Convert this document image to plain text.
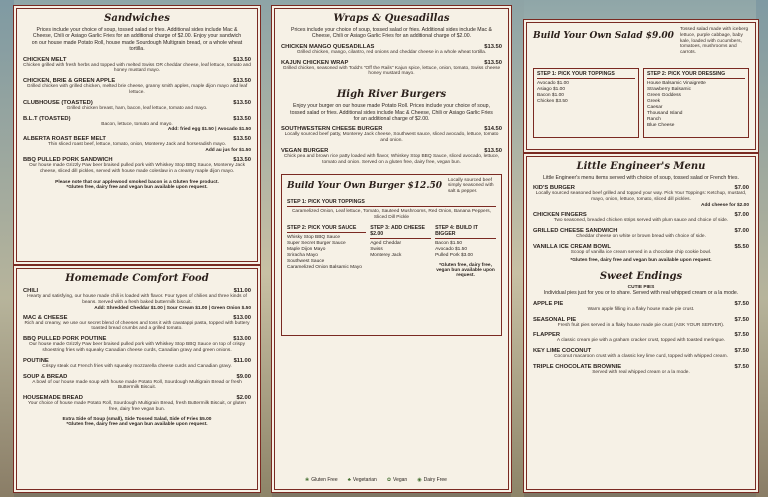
Sandwiches
Prices include your choice of soup, tossed salad or fries. Additional sides include Mac & Cheese, Chili or Asiago Garlic Fries for an additional charge of $2.00. Enjoy your sandwich on our house made Potato Roll, house made Sourdough Multigrain bread, or a whole wheat tortilla.
CHICKEN MELT	$13.50
Chicken grilled with fresh herbs and topped with melted Swiss OR cheddar cheese, leaf lettuce, tomato and honey mustard mayo.
CHICKEN, BRIE & GREEN APPLE	$13.50
Grilled chicken with grilled chicken, melted brie cheese, granny smith apples, maple dijon mayo and leaf lettuce.
CLUBHOUSE (TOASTED)	$13.50
Grilled chicken breast, ham, bacon, leaf lettuce, tomato and mayo.
B.L.T (TOASTED)	$13.50
Bacon, lettuce, tomato and mayo.
Add: fried egg $1.50 | Avocado $1.50
ALBERTA ROAST BEEF MELT	$13.50
Thin sliced roast beef, lettuce, tomato, onion, Monterey Jack and horseradish mayo.
Add au jus for $1.50
BBQ PULLED PORK SANDWICH	$13.50
Our house made Grizzly Paw beer braised pulled pork with Whiskey Stop BBQ Sauce, Monterey Jack cheese, sliced dill pickles, served with house made coleslaw in a creamy maple dijon mayo.
Please note that our applewood smoked bacon is a Gluten free product.
*Gluten free, dairy free and vegan bun available upon request.
Homemade Comfort Food
CHILI	$11.00
Hearty and satisfying, our house made chili is loaded with flavor. Four types of chilies and three kinds of beans. Served with a fresh baked buttermilk biscuit.
Add: Shredded Cheddar $1.00 | Sour Cream $1.00 | Green Onion $.50
MAC & CHEESE	$13.00
Rich and creamy, we use our secret blend of cheeses and toss it with cavatappi pasta, topped with buttery toasted bread crumbs and a grilled tomato.
BBQ PULLED PORK POUTINE	$13.00
Our house made Grizzly Paw beer braised pulled pork with Whiskey Stop BBQ Sauce on top of crispy shoestring fries with squeaky Canadian cheese curds, Canadian gravy and green onions.
POUTINE	$11.00
Crispy steak cut French fries with squeaky mozzarella cheese curds and Canadian gravy.
SOUP & BREAD	$9.00
A bowl of our house made soup with house made Potato Roll, Sourdough Multigrain Bread or fresh Buttermilk Biscuit.
HOUSEMADE BREAD	$2.00
Your choice of house made Potato Roll, Sourdough Multigrain Bread, fresh Buttermilk Biscuit, or gluten free, dairy free vegan bun.
Extra Side of Soup (small), Side Tossed Salad, Side of Fries $5.00
*Gluten free, dairy free and vegan bun available upon request.
Wraps & Quesadillas
Prices include your choice of soup, tossed salad or fries. Additional sides include Mac & Cheese, Chili or Asiago Garlic Fries for an additional charge of $2.00.
CHICKEN MANGO QUESADILLAS	$13.50
Grilled chicken, mango, cilantro, red onions and cheddar cheese in a whole wheat tortilla.
KAJUN CHICKEN WRAP	$13.50
Grilled chicken, seasoned with Todd's "Off the Rails" Kajun spice, lettuce, onion, tomato, Swiss cheese honey mustard mayo.
High River Burgers
Enjoy your burger on our house made Potato Roll. Prices include your choice of soup, tossed salad or fries. Additional sides include Mac & Cheese, Chili or Asiago Garlic Fries for an additional charge of $2.00.
SOUTHWESTERN CHEESE BURGER	$14.50
Locally sourced beef patty, Monterey Jack cheese, Southwest sauce, sliced avocado, lettuce, tomato and onion.
VEGAN BURGER	$13.50
Chick pea and brown rice patty loaded with flavor, Whiskey Stop BBQ Sauce, sliced avocado, lettuce, tomato and onion. Served on a gluten free, dairy free, vegan bun.
Build Your Own Burger $12.50
Locally sourced beef simply seasoned with salt & pepper.
STEP 1: PICK YOUR TOPPINGS
Caramelized Onion, Leaf lettuce, Tomato, Sauteed Mushrooms, Red Onion, Banana Peppers, Sliced Dill Pickle
STEP 2: PICK YOUR SAUCE
Whisky Stop BBQ Sauce
Super Secret Burger Sauce
Maple Dijon Mayo
Sriracha Mayo
Southwest Sauce
Caramelized Onion Balsamic Mayo
STEP 3: ADD CHEESE $2.00
Aged Cheddar
Swiss
Monterey Jack
STEP 4: BUILD IT BIGGER
Bacon $1.50
Avocado $1.50
Pulled Pork $3.00
*Gluten free, dairy free, vegan bun available upon request.
❀ Gluten Free ♣ Vegetarian ✿ Vegan ◉ Dairy Free
Build Your Own Salad $9.00
Tossed salad made with iceberg lettuce, purple cabbage, baby kale, loaded with cucumbers, tomatoes, mushrooms and carrots.
STEP 1: PICK YOUR TOPPINGS
Avocado $1.00
Asiago $1.00
Bacon $1.00
Chicken $3.50
STEP 2: PICK YOUR DRESSING
House Balsamic Vinaigrette
Strawberry Balsamic
Green Goddess
Greek
Caesar
Thousand Island
Ranch
Blue Cheese
Little Engineer's Menu
Little Engineer's menu items served with choice of soup, tossed salad or French fries.
KID'S BURGER	$7.00
Locally sourced seasoned beef grilled and topped your way. Pick Your Toppings: Ketchup, mustard, mayo, onion, lettuce, tomato, sliced dill pickles.
Add cheese for $2.00
CHICKEN FINGERS	$7.00
Two seasoned, breaded chicken strips served with plum sauce and choice of side.
GRILLED CHEESE SANDWICH	$7.00
Cheddar cheese on white or brown bread with choice of side.
VANILLA ICE CREAM BOWL	$5.50
Scoop of vanilla ice cream served in a chocolate chip cookie bowl.
*Gluten free, dairy free and vegan bun available upon request.
Sweet Endings
CUTIE PIES
Individual pies just for you or to share. Served with real whipped cream or a la mode.
APPLE PIE	$7.50
Warm apple filling in a flaky house made pie crust.
SEASONAL PIE	$7.50
Fresh fruit pies served in a flaky house made pie crust (ASK YOUR SERVER).
FLAPPER	$7.50
A classic cream pie with a graham cracker crust, topped with toasted meringue.
KEY LIME COCONUT	$7.50
Coconut macaroon crust with a classic key lime curd, topped with whipped cream.
TRIPLE CHOCOLATE BROWNIE	$7.50
Served with real whipped cream or a la mode.
